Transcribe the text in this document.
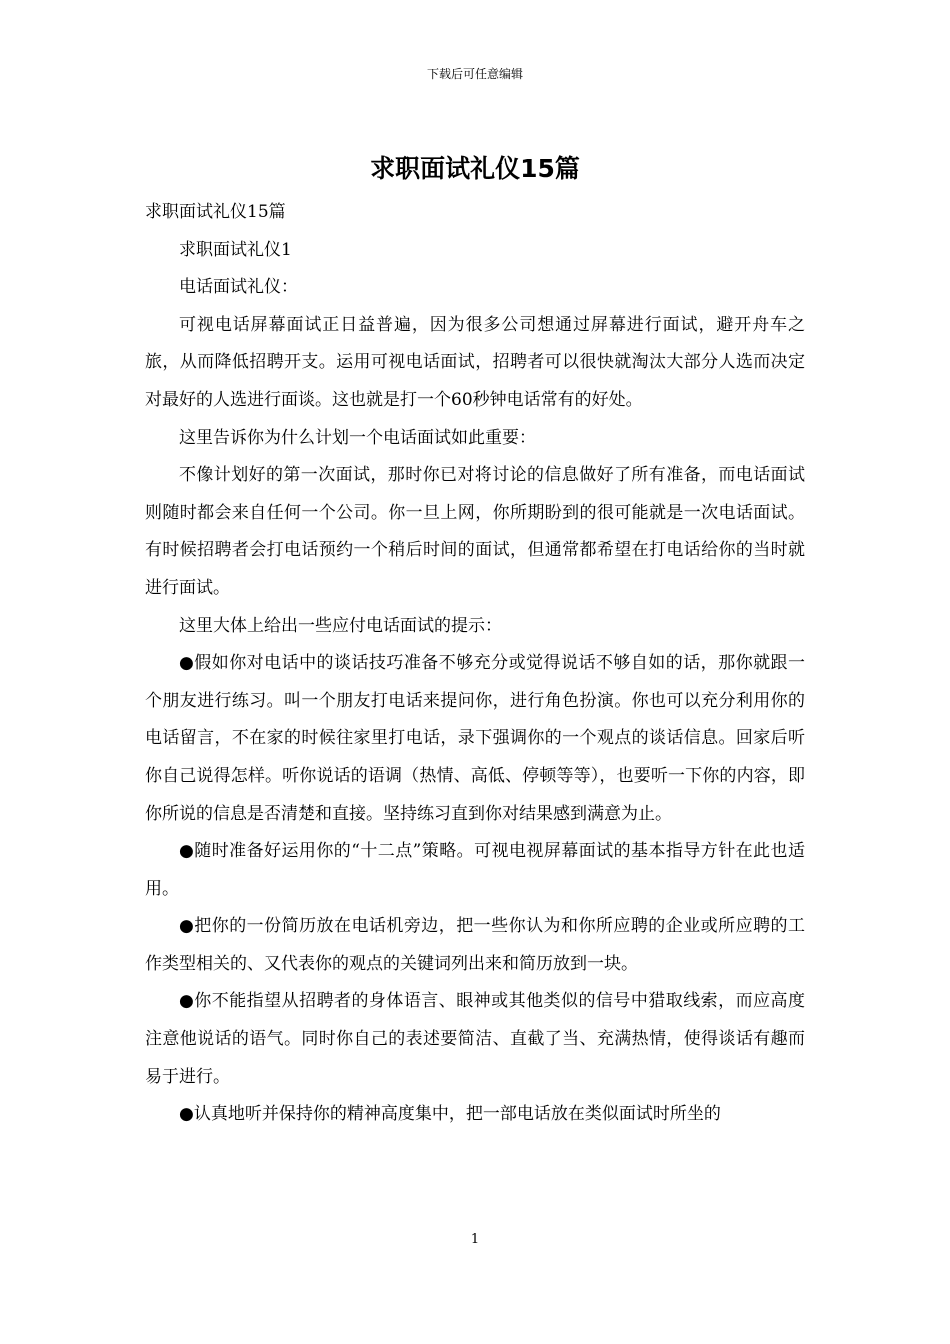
下载后可任意编辑
求职面试礼仪15篇

求职面试礼仪15篇

求职面试礼仪1

电话面试礼仪：

可视电话屏幕面试正日益普遍，因为很多公司想通过屏幕进行面试，避开舟车之旅，从而降低招聘开支。运用可视电话面试，招聘者可以很快就淘汰大部分人选而决定对最好的人选进行面谈。这也就是打一个60秒钟电话常有的好处。

这里告诉你为什么计划一个电话面试如此重要：

不像计划好的第一次面试，那时你已对将讨论的信息做好了所有准备，而电话面试则随时都会来自任何一个公司。你一旦上网，你所期盼到的很可能就是一次电话面试。有时候招聘者会打电话预约一个稍后时间的面试，但通常都希望在打电话给你的当时就进行面试。

这里大体上给出一些应付电话面试的提示：

●假如你对电话中的谈话技巧准备不够充分或觉得说话不够自如的话，那你就跟一个朋友进行练习。叫一个朋友打电话来提问你，进行角色扮演。你也可以充分利用你的电话留言，不在家的时候往家里打电话，录下强调你的一个观点的谈话信息。回家后听你自己说得怎样。听你说话的语调（热情、高低、停顿等等），也要听一下你的内容，即你所说的信息是否清楚和直接。坚持练习直到你对结果感到满意为止。

●随时准备好运用你的“十二点”策略。可视电视屏幕面试的基本指导方针在此也适用。

●把你的一份简历放在电话机旁边，把一些你认为和你所应聘的企业或所应聘的工作类型相关的、又代表你的观点的关键词列出来和简历放到一块。

●你不能指望从招聘者的身体语言、眼神或其他类似的信号中猎取线索，而应高度注意他说话的语气。同时你自己的表述要简洁、直截了当、充满热情，使得谈话有趣而易于进行。

●认真地听并保持你的精神高度集中，把一部电话放在类似面试时所坐的

1
